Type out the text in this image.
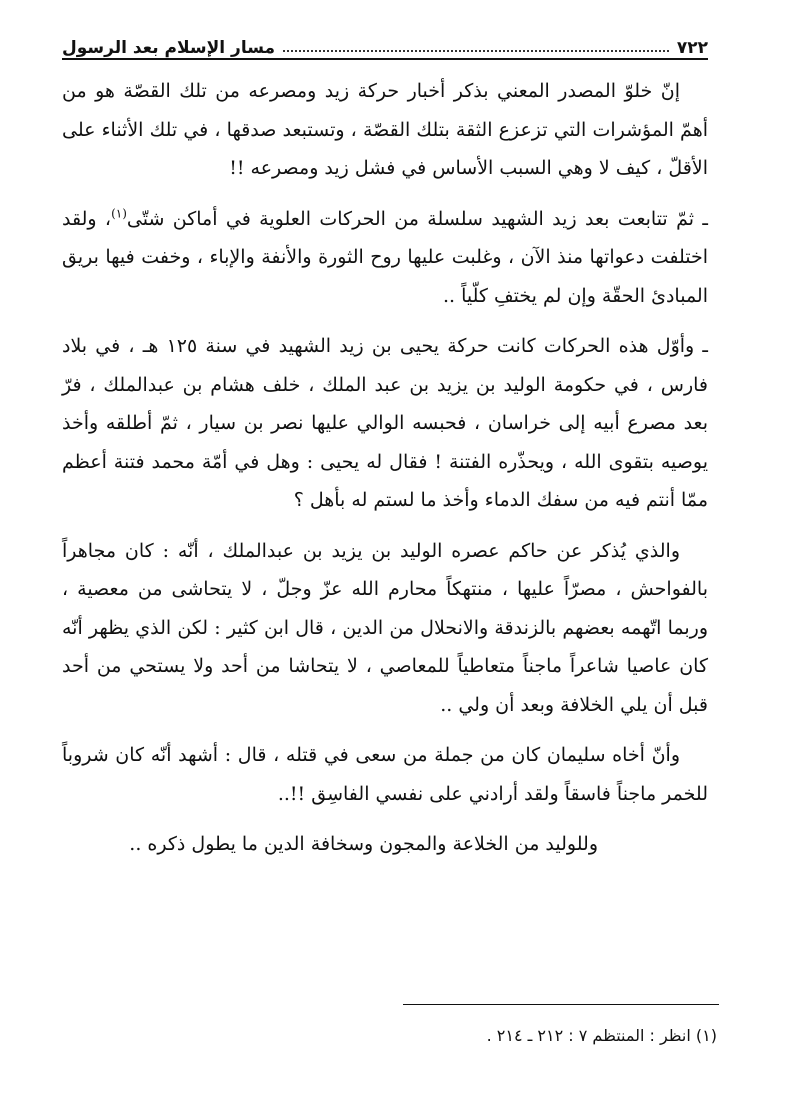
٧٢٢
مسار الإسلام بعد الرسول

إنّ خلوّ المصدر المعني بذكر أخبار حركة زيد ومصرعه من تلك القصّة هو من أهمّ المؤشرات التي تزعزع الثقة بتلك القصّة ، وتستبعد صدقها ، في تلك الأثناء على الأقلّ ، كيف لا وهي السبب الأساس في فشل زيد ومصرعه !!

ـ ثمّ تتابعت بعد زيد الشهيد سلسلة من الحركات العلوية في أماكن شتّى$^{(١)}$، ولقد اختلفت دعواتها منذ الآن ، وغلبت عليها روح الثورة والأنفة والإباء ، وخفت فيها بريق المبادئ الحقّة وإن لم يختفِ كلّياً ..

ـ وأوّل هذه الحركات كانت حركة يحيى بن زيد الشهيد في سنة ١٢٥ هـ ، في بلاد فارس ، في حكومة الوليد بن يزيد بن عبد الملك ، خلف هشام بن عبدالملك ، فرّ بعد مصرع أبيه إلى خراسان ، فحبسه الوالي عليها نصر بن سيار ، ثمّ أطلقه وأخذ يوصيه بتقوى الله ، ويحذّره الفتنة ! فقال له يحيى : وهل في أمّة محمد فتنة أعظم ممّا أنتم فيه من سفك الدماء وأخذ ما لستم له بأهل ؟

والذي يُذكر عن حاكم عصره الوليد بن يزيد بن عبدالملك ، أنّه : كان مجاهراً بالفواحش ، مصرّاً عليها ، منتهكاً محارم الله عزّ وجلّ ، لا يتحاشى من معصية ، وربما اتّهمه بعضهم بالزندقة والانحلال من الدين ، قال ابن كثير : لكن الذي يظهر أنّه كان عاصيا شاعراً ماجناً متعاطياً للمعاصي ، لا يتحاشا من أحد ولا يستحي من أحد قبل أن يلي الخلافة وبعد أن ولي ..

وأنّ أخاه سليمان كان من جملة من سعى في قتله ، قال : أشهد أنّه كان شروباً للخمر ماجناً فاسقاً ولقد أرادني على نفسي الفاسِق !!..

وللوليد من الخلاعة والمجون وسخافة الدين ما يطول ذكره ..

(١) انظر : المنتظم ٧ : ٢١٢ ـ ٢١٤ .
